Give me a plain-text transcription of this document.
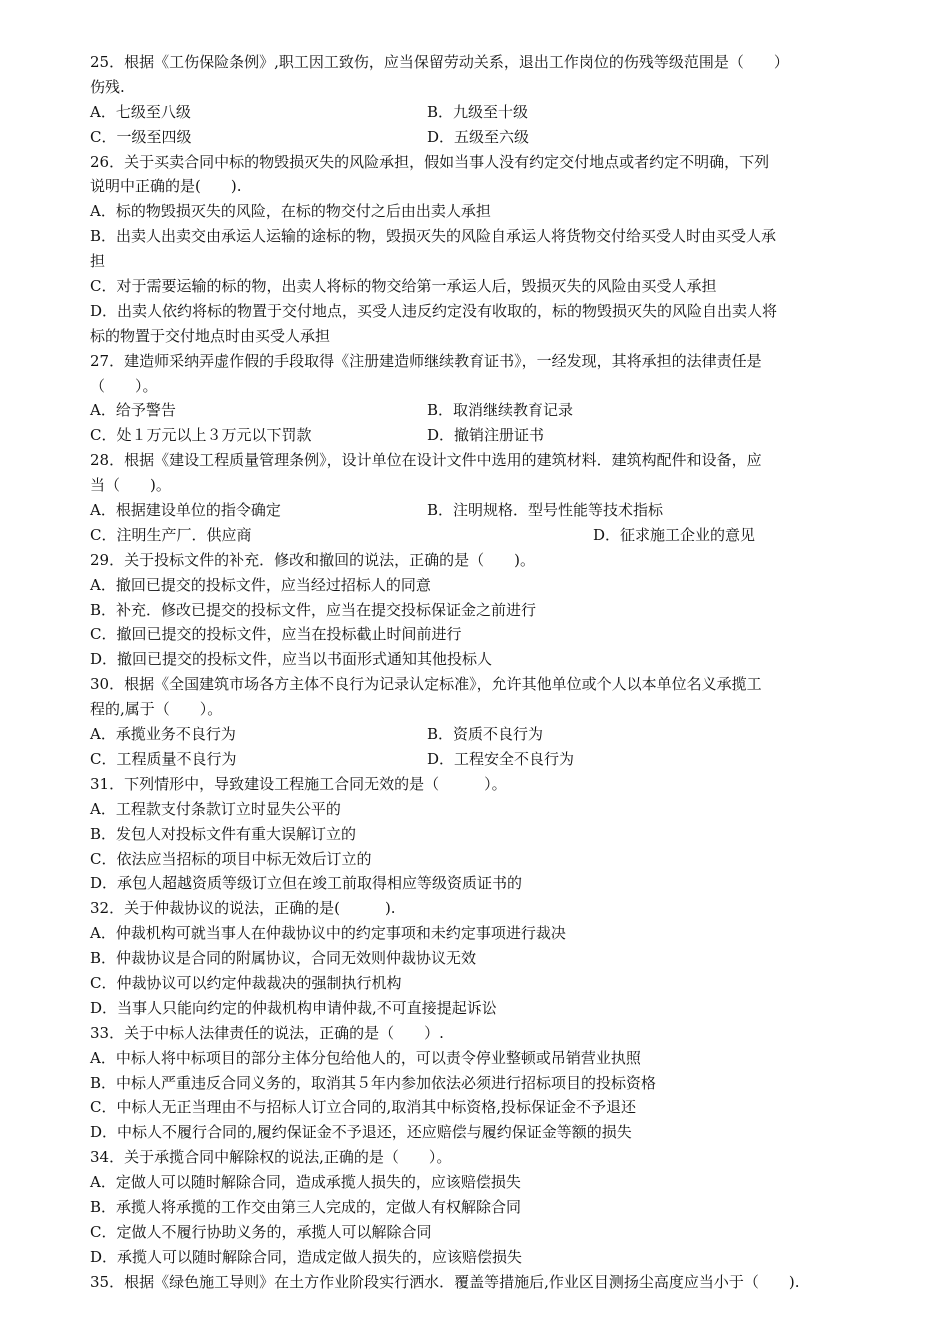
25．根据《工伤保险条例》,职工因工致伤，应当保留劳动关系，退出工作岗位的伤残等级范围是（　　）
伤残.
A．七级至八级	B．九级至十级
C．一级至四级	D．五级至六级
26．关于买卖合同中标的物毁损灭失的风险承担，假如当事人没有约定交付地点或者约定不明确，下列
说明中正确的是(　　).
A．标的物毁损灭失的风险，在标的物交付之后由出卖人承担
B．出卖人出卖交由承运人运输的途标的物，毁损灭失的风险自承运人将货物交付给买受人时由买受人承
担
C．对于需要运输的标的物，出卖人将标的物交给第一承运人后，毁损灭失的风险由买受人承担
D．出卖人依约将标的物置于交付地点，买受人违反约定没有收取的，标的物毁损灭失的风险自出卖人将
标的物置于交付地点时由买受人承担
27．建造师采纳弄虚作假的手段取得《注册建造师继续教育证书》，一经发现，其将承担的法律责任是
（　　）。
A．给予警告	B．取消继续教育记录
C．处１万元以上３万元以下罚款	D．撤销注册证书
28．根据《建设工程质量管理条例》，设计单位在设计文件中选用的建筑材料．建筑构配件和设备，应
当（　　)。
A．根据建设单位的指令确定	B．注明规格．型号性能等技术指标
C．注明生产厂．供应商	D．征求施工企业的意见
29．关于投标文件的补充．修改和撤回的说法，正确的是（　　)。
A．撤回已提交的投标文件，应当经过招标人的同意
B．补充．修改已提交的投标文件，应当在提交投标保证金之前进行
C．撤回已提交的投标文件，应当在投标截止时间前进行
D．撤回已提交的投标文件，应当以书面形式通知其他投标人
30．根据《全国建筑市场各方主体不良行为记录认定标准》，允许其他单位或个人以本单位名义承揽工
程的,属于（　　）。
A．承揽业务不良行为	B．资质不良行为
C．工程质量不良行为	D．工程安全不良行为
31．下列情形中，导致建设工程施工合同无效的是（　　　）。
A．工程款支付条款订立时显失公平的
B．发包人对投标文件有重大误解订立的
C．依法应当招标的项目中标无效后订立的
D．承包人超越资质等级订立但在竣工前取得相应等级资质证书的
32．关于仲裁协议的说法，正确的是(　　　).
A．仲裁机构可就当事人在仲裁协议中的约定事项和未约定事项进行裁决
B．仲裁协议是合同的附属协议，合同无效则仲裁协议无效
C．仲裁协议可以约定仲裁裁决的强制执行机构
D．当事人只能向约定的仲裁机构申请仲裁,不可直接提起诉讼
33．关于中标人法律责任的说法，正确的是（　　）.
A．中标人将中标项目的部分主体分包给他人的，可以责令停业整顿或吊销营业执照
B．中标人严重违反合同义务的，取消其５年内参加依法必须进行招标项目的投标资格
C．中标人无正当理由不与招标人订立合同的,取消其中标资格,投标保证金不予退还
D．中标人不履行合同的,履约保证金不予退还，还应赔偿与履约保证金等额的损失
34．关于承揽合同中解除权的说法,正确的是（　　）。
A．定做人可以随时解除合同，造成承揽人损失的，应该赔偿损失
B．承揽人将承揽的工作交由第三人完成的，定做人有权解除合同
C．定做人不履行协助义务的，承揽人可以解除合同
D．承揽人可以随时解除合同，造成定做人损失的，应该赔偿损失
35．根据《绿色施工导则》在土方作业阶段实行洒水．覆盖等措施后,作业区目测扬尘高度应当小于（　　).
